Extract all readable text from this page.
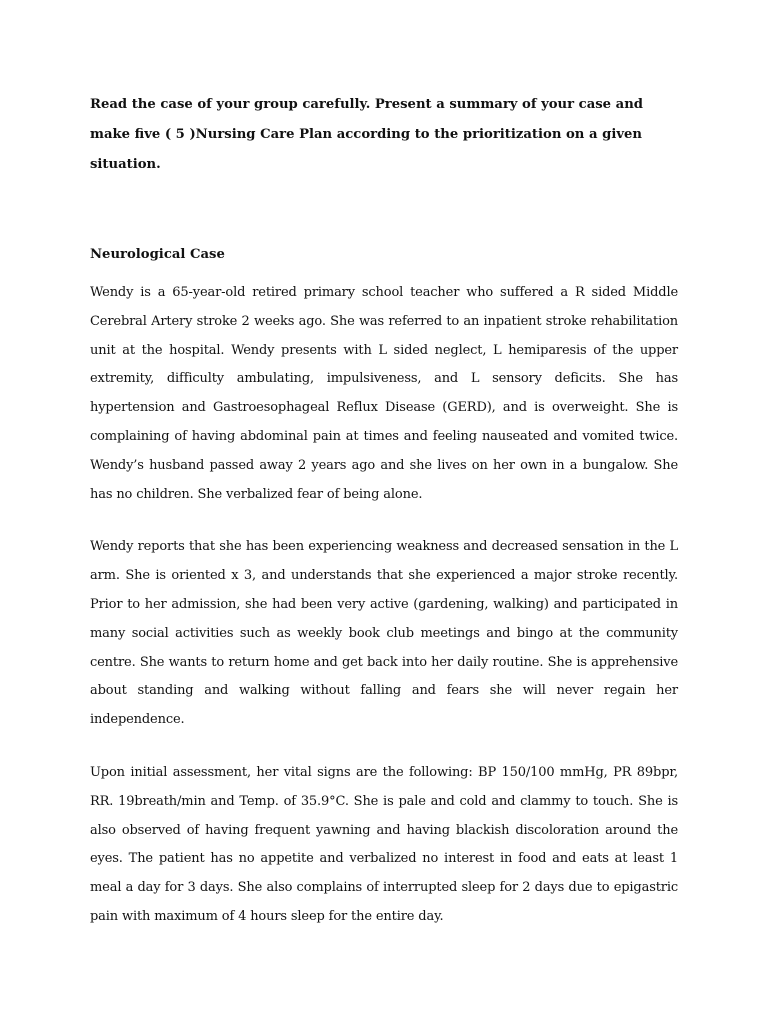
Read the case of your group carefully. Present a summary of your case and make five ( 5 )Nursing Care Plan according to the prioritization on a given situation.

Neurological Case

Wendy is a 65-year-old retired primary school teacher who suffered a R sided Middle Cerebral Artery stroke 2 weeks ago. She was referred to an inpatient stroke rehabilitation unit at the hospital. Wendy presents with L sided neglect, L hemiparesis of the upper extremity, difficulty ambulating, impulsiveness, and L sensory deficits. She has hypertension and Gastroesophageal Reflux Disease (GERD), and is overweight. She is complaining of having abdominal pain at times and feeling nauseated and vomited twice. Wendy’s husband passed away 2 years ago and she lives on her own in a bungalow. She has no children. She verbalized fear of being alone.

Wendy reports that she has been experiencing weakness and decreased sensation in the L arm. She is oriented x 3, and understands that she experienced a major stroke recently. Prior to her admission, she had been very active (gardening, walking) and participated in many social activities such as weekly book club meetings and bingo at the community centre. She wants to return home and get back into her daily routine. She is apprehensive about standing and walking without falling and fears she will never regain her independence.

Upon initial assessment, her vital signs are the following: BP 150/100 mmHg, PR 89bpr, RR. 19breath/min and Temp. of 35.9°C. She is pale and cold and clammy to touch. She is also observed of having frequent yawning and having blackish discoloration around the eyes. The patient has no appetite and verbalized no interest in food and eats at least 1 meal a day for 3 days. She also complains of interrupted sleep for 2 days due to epigastric pain with maximum of 4 hours sleep for the entire day.
